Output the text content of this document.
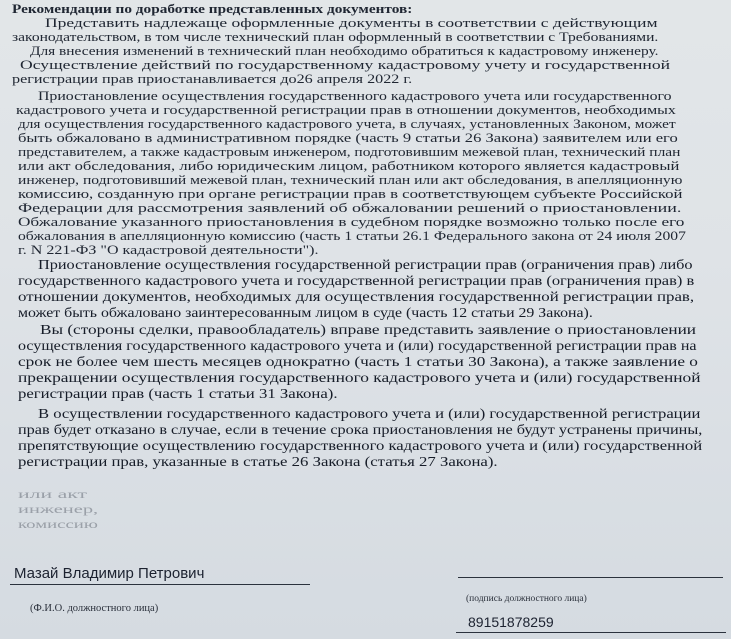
Рекомендации по доработке представленных документов:
Представить надлежаще оформленные документы в соответствии с действующим
законодательством, в том числе технический план оформленный в соответствии с Требованиями.
Для внесения изменений в технический план необходимо обратиться к кадастровому инженеру.
Осуществление действий по государственному кадастровому учету и государственной
регистрации прав приостанавливается до26 апреля 2022 г.
Приостановление осуществления государственного кадастрового учета или государственного
кадастрового учета и государственной регистрации прав в отношении документов, необходимых
для осуществления государственного кадастрового учета, в случаях, установленных Законом, может
быть обжаловано в административном порядке (часть 9 статьи 26 Закона) заявителем или его
представителем, а также кадастровым инженером, подготовившим межевой план, технический план
или акт обследования, либо юридическим лицом, работником которого является кадастровый
инженер, подготовивший межевой план, технический план или акт обследования, в апелляционную
комиссию, созданную при органе регистрации прав в соответствующем субъекте Российской
Федерации для рассмотрения заявлений об обжаловании решений о приостановлении.
Обжалование указанного приостановления в судебном порядке возможно только после его
обжалования в апелляционную комиссию (часть 1 статьи 26.1 Федерального закона от 24 июля 2007
г. N 221-ФЗ "О кадастровой деятельности").
Приостановление осуществления государственной регистрации прав (ограничения прав) либо
государственного кадастрового учета и государственной регистрации прав (ограничения прав) в
отношении документов, необходимых для осуществления государственной регистрации прав,
может быть обжаловано заинтересованным лицом в суде (часть 12 статьи 29 Закона).
Вы (стороны сделки, правообладатель) вправе представить заявление о приостановлении
осуществления государственного кадастрового учета и (или) государственной регистрации прав на
срок не более чем шесть месяцев однократно (часть 1 статьи 30 Закона), а также заявление о
прекращении осуществления государственного кадастрового учета и (или) государственной
регистрации прав (часть 1 статьи 31 Закона).
В осуществлении государственного кадастрового учета и (или) государственной регистрации
прав будет отказано в случае, если в течение срока приостановления не будут устранены причины,
препятствующие осуществлению государственного кадастрового учета и (или) государственной
регистрации прав, указанные в статье 26 Закона (статья 27 Закона).
или акт
инженер,
комиссию
Мазай Владимир Петрович
(Ф.И.О. должностного лица)
(подпись должностного лица)
89151878259
